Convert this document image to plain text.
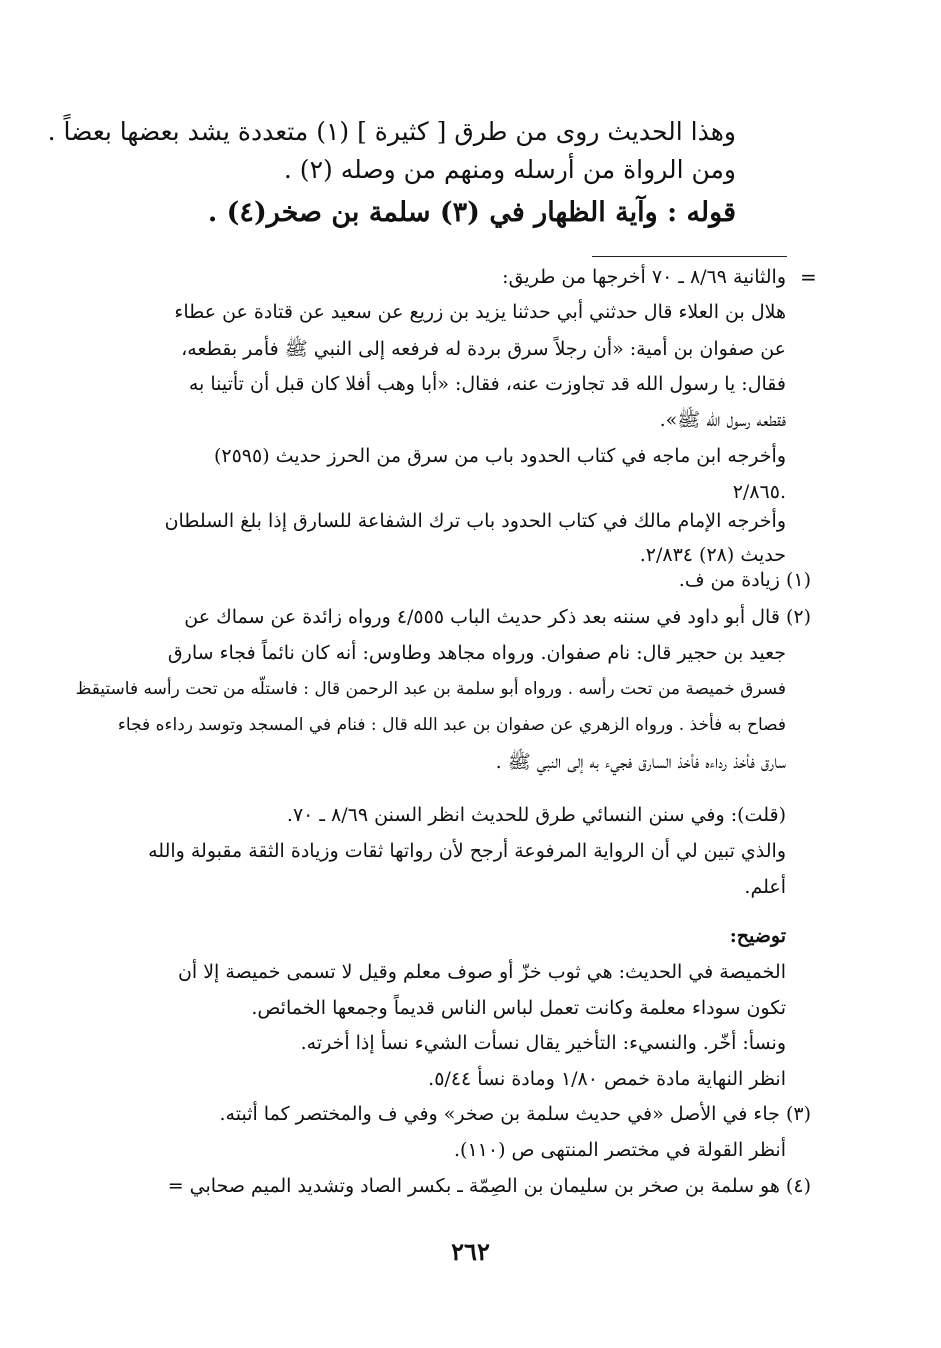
وهذا الحديث روى من طرق [ كثيرة ] (١) متعددة يشد بعضها بعضاً .
ومن الرواة من أرسله ومنهم من وصله (٢) .
قوله : وآية الظهار في (٣) سلمة بن صخر(٤) .
=
والثانية ٨/٦٩ ـ ٧٠ أخرجها من طريق:
هلال بن العلاء قال حدثني أبي حدثنا يزيد بن زريع عن سعيد عن قتادة عن عطاء
عن صفوان بن أمية: «أن رجلاً سرق بردة له فرفعه إلى النبي ﷺ فأمر بقطعه،
فقال: يا رسول الله قد تجاوزت عنه، فقال: «أبا وهب أفلا كان قبل أن تأتينا به
فقطعه رسول الله ﷺ».
وأخرجه ابن ماجه في كتاب الحدود باب من سرق من الحرز حديث (٢٥٩٥)
٢/٨٦٥.
وأخرجه الإمام مالك في كتاب الحدود باب ترك الشفاعة للسارق إذا بلغ السلطان
حديث (٢٨) ٢/٨٣٤.
(١) زيادة من ف.
(٢) قال أبو داود في سننه بعد ذكر حديث الباب ٤/٥٥٥ ورواه زائدة عن سماك عن
جعيد بن حجير قال: نام صفوان. ورواه مجاهد وطاوس: أنه كان نائماً فجاء سارق
فسرق خميصة من تحت رأسه . ورواه أبو سلمة بن عبد الرحمن قال : فاستلّه من تحت رأسه فاستيقظ
فصاح به فأخذ . ورواه الزهري عن صفوان بن عبد الله قال : فنام في المسجد وتوسد رداءه فجاء
سارق فأخذ رداءه فأخذ السارق فجيء به إلى النبي ﷺ .
(قلت): وفي سنن النسائي طرق للحديث انظر السنن ٨/٦٩ ـ ٧٠.
والذي تبين لي أن الرواية المرفوعة أرجح لأن رواتها ثقات وزيادة الثقة مقبولة والله
أعلم.
توضيح:
الخميصة في الحديث: هي ثوب خزّ أو صوف معلم وقيل لا تسمى خميصة إلا أن
تكون سوداء معلمة وكانت تعمل لباس الناس قديماً وجمعها الخمائص.
ونسأ: أخّر. والنسيء: التأخير يقال نسأت الشيء نسأ إذا أخرته.
انظر النهاية مادة خمص ١/٨٠ ومادة نسأ ٥/٤٤.
(٣) جاء في الأصل «في حديث سلمة بن صخر» وفي ف والمختصر كما أثبته.
أنظر القولة في مختصر المنتهى ص (١١٠).
(٤) هو سلمة بن صخر بن سليمان بن الصِمّة ـ بكسر الصاد وتشديد الميم صحابي =
٢٦٢
